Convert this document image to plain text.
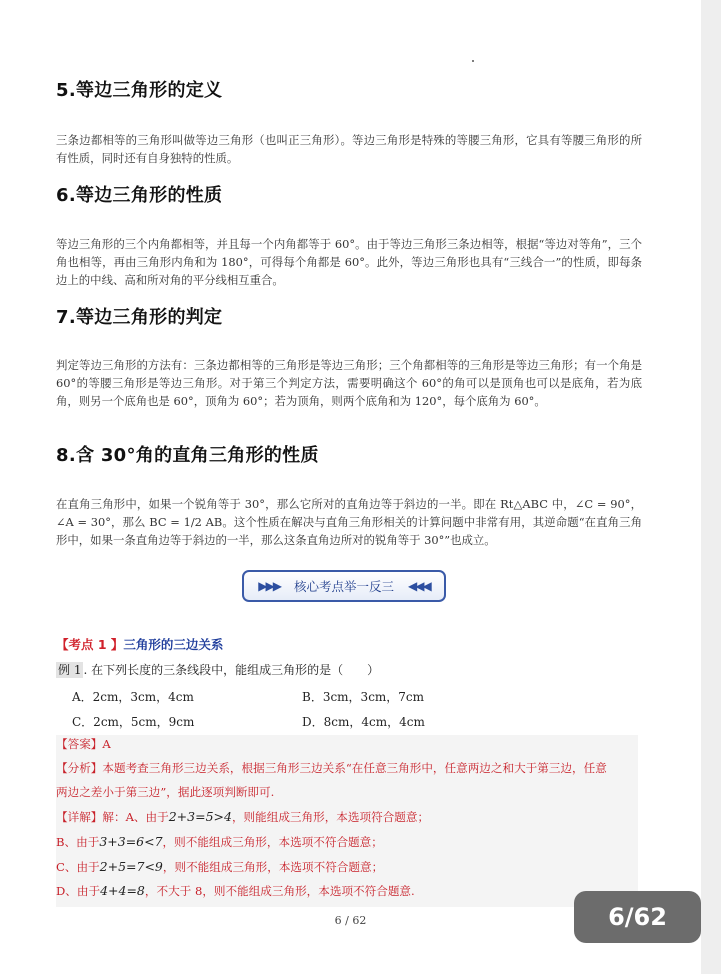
5.等边三角形的定义

三条边都相等的三角形叫做等边三角形（也叫正三角形）。等边三角形是特殊的等腰三角形，它具有等腰三角形的所有性质，同时还有自身独特的性质。

6.等边三角形的性质

等边三角形的三个内角都相等，并且每一个内角都等于 60°。由于等边三角形三条边相等，根据“等边对等角”，三个角也相等，再由三角形内角和为 180°，可得每个角都是 60°。此外，等边三角形也具有“三线合一”的性质，即每条边上的中线、高和所对角的平分线相互重合。

7.等边三角形的判定

判定等边三角形的方法有：三条边都相等的三角形是等边三角形；三个角都相等的三角形是等边三角形；有一个角是 60°的等腰三角形是等边三角形。对于第三个判定方法，需要明确这个 60°的角可以是顶角也可以是底角，若为底角，则另一个底角也是 60°，顶角为 60°；若为顶角，则两个底角和为 120°，每个底角为 60°。

8.含 30°角的直角三角形的性质

在直角三角形中，如果一个锐角等于 30°，那么它所对的直角边等于斜边的一半。即在 Rt△ABC 中，∠C = 90°，∠A = 30°，那么 BC = 1/2 AB。这个性质在解决与直角三角形相关的计算问题中非常有用，其逆命题“在直角三角形中，如果一条直角边等于斜边的一半，那么这条直角边所对的锐角等于 30°”也成立。

▶▶▶ 核心考点举一反三 ◀◀◀

【考点 1 】三角形的三边关系

例 1 . 在下列长度的三条线段中，能组成三角形的是（　　）
A．2cm，3cm，4cm	B．3cm，3cm，7cm
C．2cm，5cm，9cm	D．8cm，4cm，4cm

【答案】A

【分析】本题考查三角形三边关系，根据三角形三边关系“在任意三角形中，任意两边之和大于第三边，任意

两边之差小于第三边”，据此逐项判断即可.

【详解】解：A、由于2+3=5>4，则能组成三角形，本选项符合题意；

B、由于3+3=6<7，则不能组成三角形，本选项不符合题意；

C、由于2+5=7<9，则不能组成三角形，本选项不符合题意；

D、由于4+4=8，不大于 8，则不能组成三角形，本选项不符合题意.

6 / 62	6/62
